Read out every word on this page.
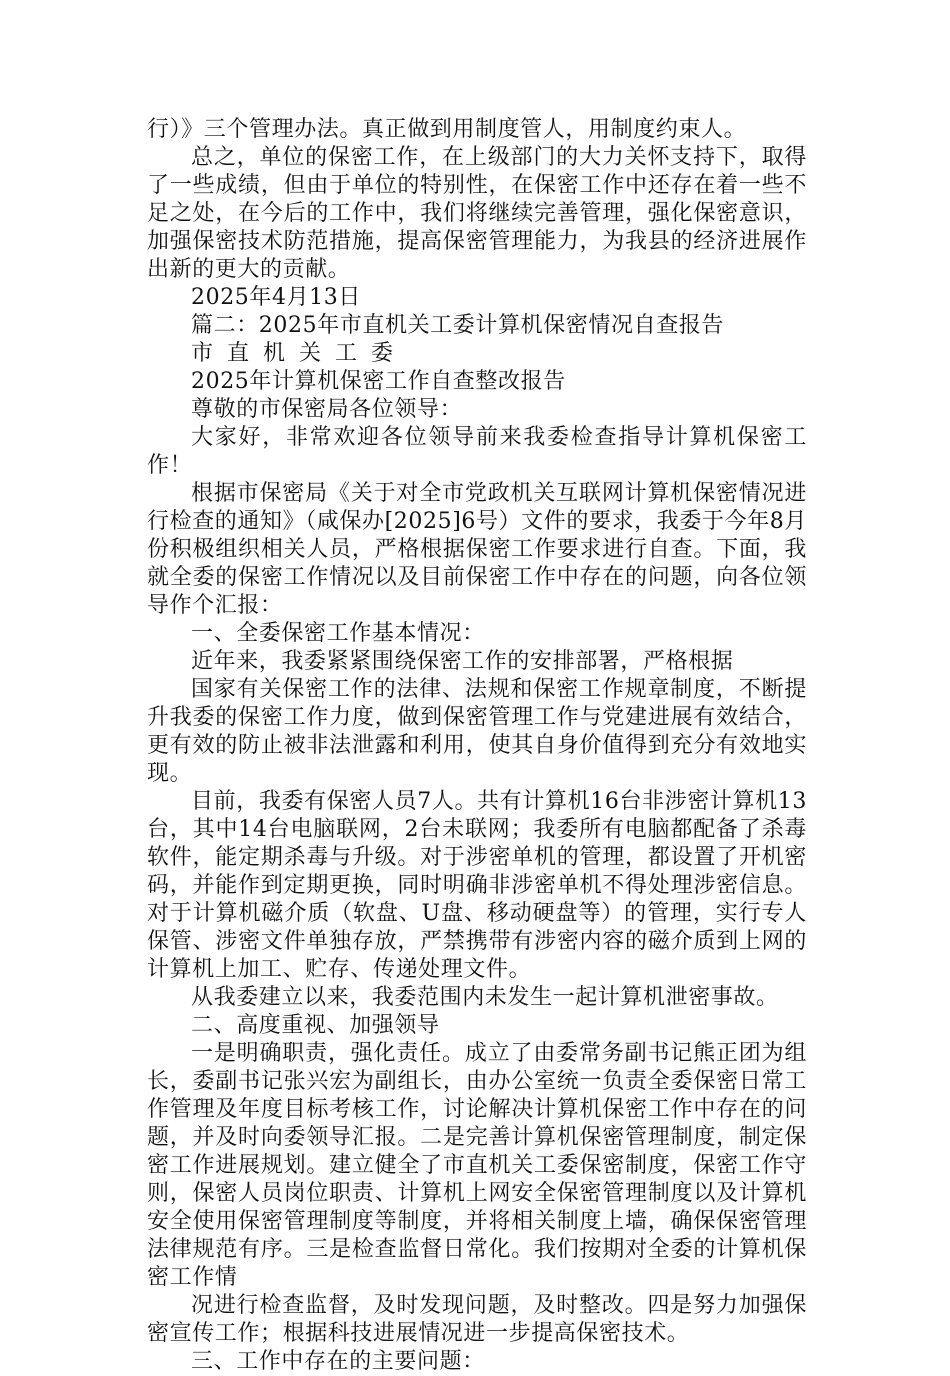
行）》三个管理办法。真正做到用制度管人，用制度约束人。

总之，单位的保密工作，在上级部门的大力关怀支持下，取得了一些成绩，但由于单位的特别性，在保密工作中还存在着一些不足之处，在今后的工作中，我们将继续完善管理，强化保密意识，加强保密技术防范措施，提高保密管理能力，为我县的经济进展作出新的更大的贡献。

2025年4月13日

篇二：2025年市直机关工委计算机保密情况自查报告

市直机关工委

2025年计算机保密工作自查整改报告

尊敬的市保密局各位领导：

大家好，非常欢迎各位领导前来我委检查指导计算机保密工作！

根据市保密局《关于对全市党政机关互联网计算机保密情况进行检查的通知》（咸保办[2025]6号）文件的要求，我委于今年8月份积极组织相关人员，严格根据保密工作要求进行自查。下面，我就全委的保密工作情况以及目前保密工作中存在的问题，向各位领导作个汇报：

一、全委保密工作基本情况：

近年来，我委紧紧围绕保密工作的安排部署，严格根据

国家有关保密工作的法律、法规和保密工作规章制度，不断提升我委的保密工作力度，做到保密管理工作与党建进展有效结合，更有效的防止被非法泄露和利用，使其自身价值得到充分有效地实现。

目前，我委有保密人员7人。共有计算机16台非涉密计算机13台，其中14台电脑联网，2台未联网；我委所有电脑都配备了杀毒软件，能定期杀毒与升级。对于涉密单机的管理，都设置了开机密码，并能作到定期更换，同时明确非涉密单机不得处理涉密信息。对于计算机磁介质（软盘、U盘、移动硬盘等）的管理，实行专人保管、涉密文件单独存放，严禁携带有涉密内容的磁介质到上网的计算机上加工、贮存、传递处理文件。

从我委建立以来，我委范围内未发生一起计算机泄密事故。

二、高度重视、加强领导

一是明确职责，强化责任。成立了由委常务副书记熊正团为组长，委副书记张兴宏为副组长，由办公室统一负责全委保密日常工作管理及年度目标考核工作，讨论解决计算机保密工作中存在的问题，并及时向委领导汇报。二是完善计算机保密管理制度，制定保密工作进展规划。建立健全了市直机关工委保密制度，保密工作守则，保密人员岗位职责、计算机上网安全保密管理制度以及计算机安全使用保密管理制度等制度，并将相关制度上墙，确保保密管理法律规范有序。三是检查监督日常化。我们按期对全委的计算机保密工作情

况进行检查监督，及时发现问题，及时整改。四是努力加强保密宣传工作；根据科技进展情况进一步提高保密技术。

三、工作中存在的主要问题：
